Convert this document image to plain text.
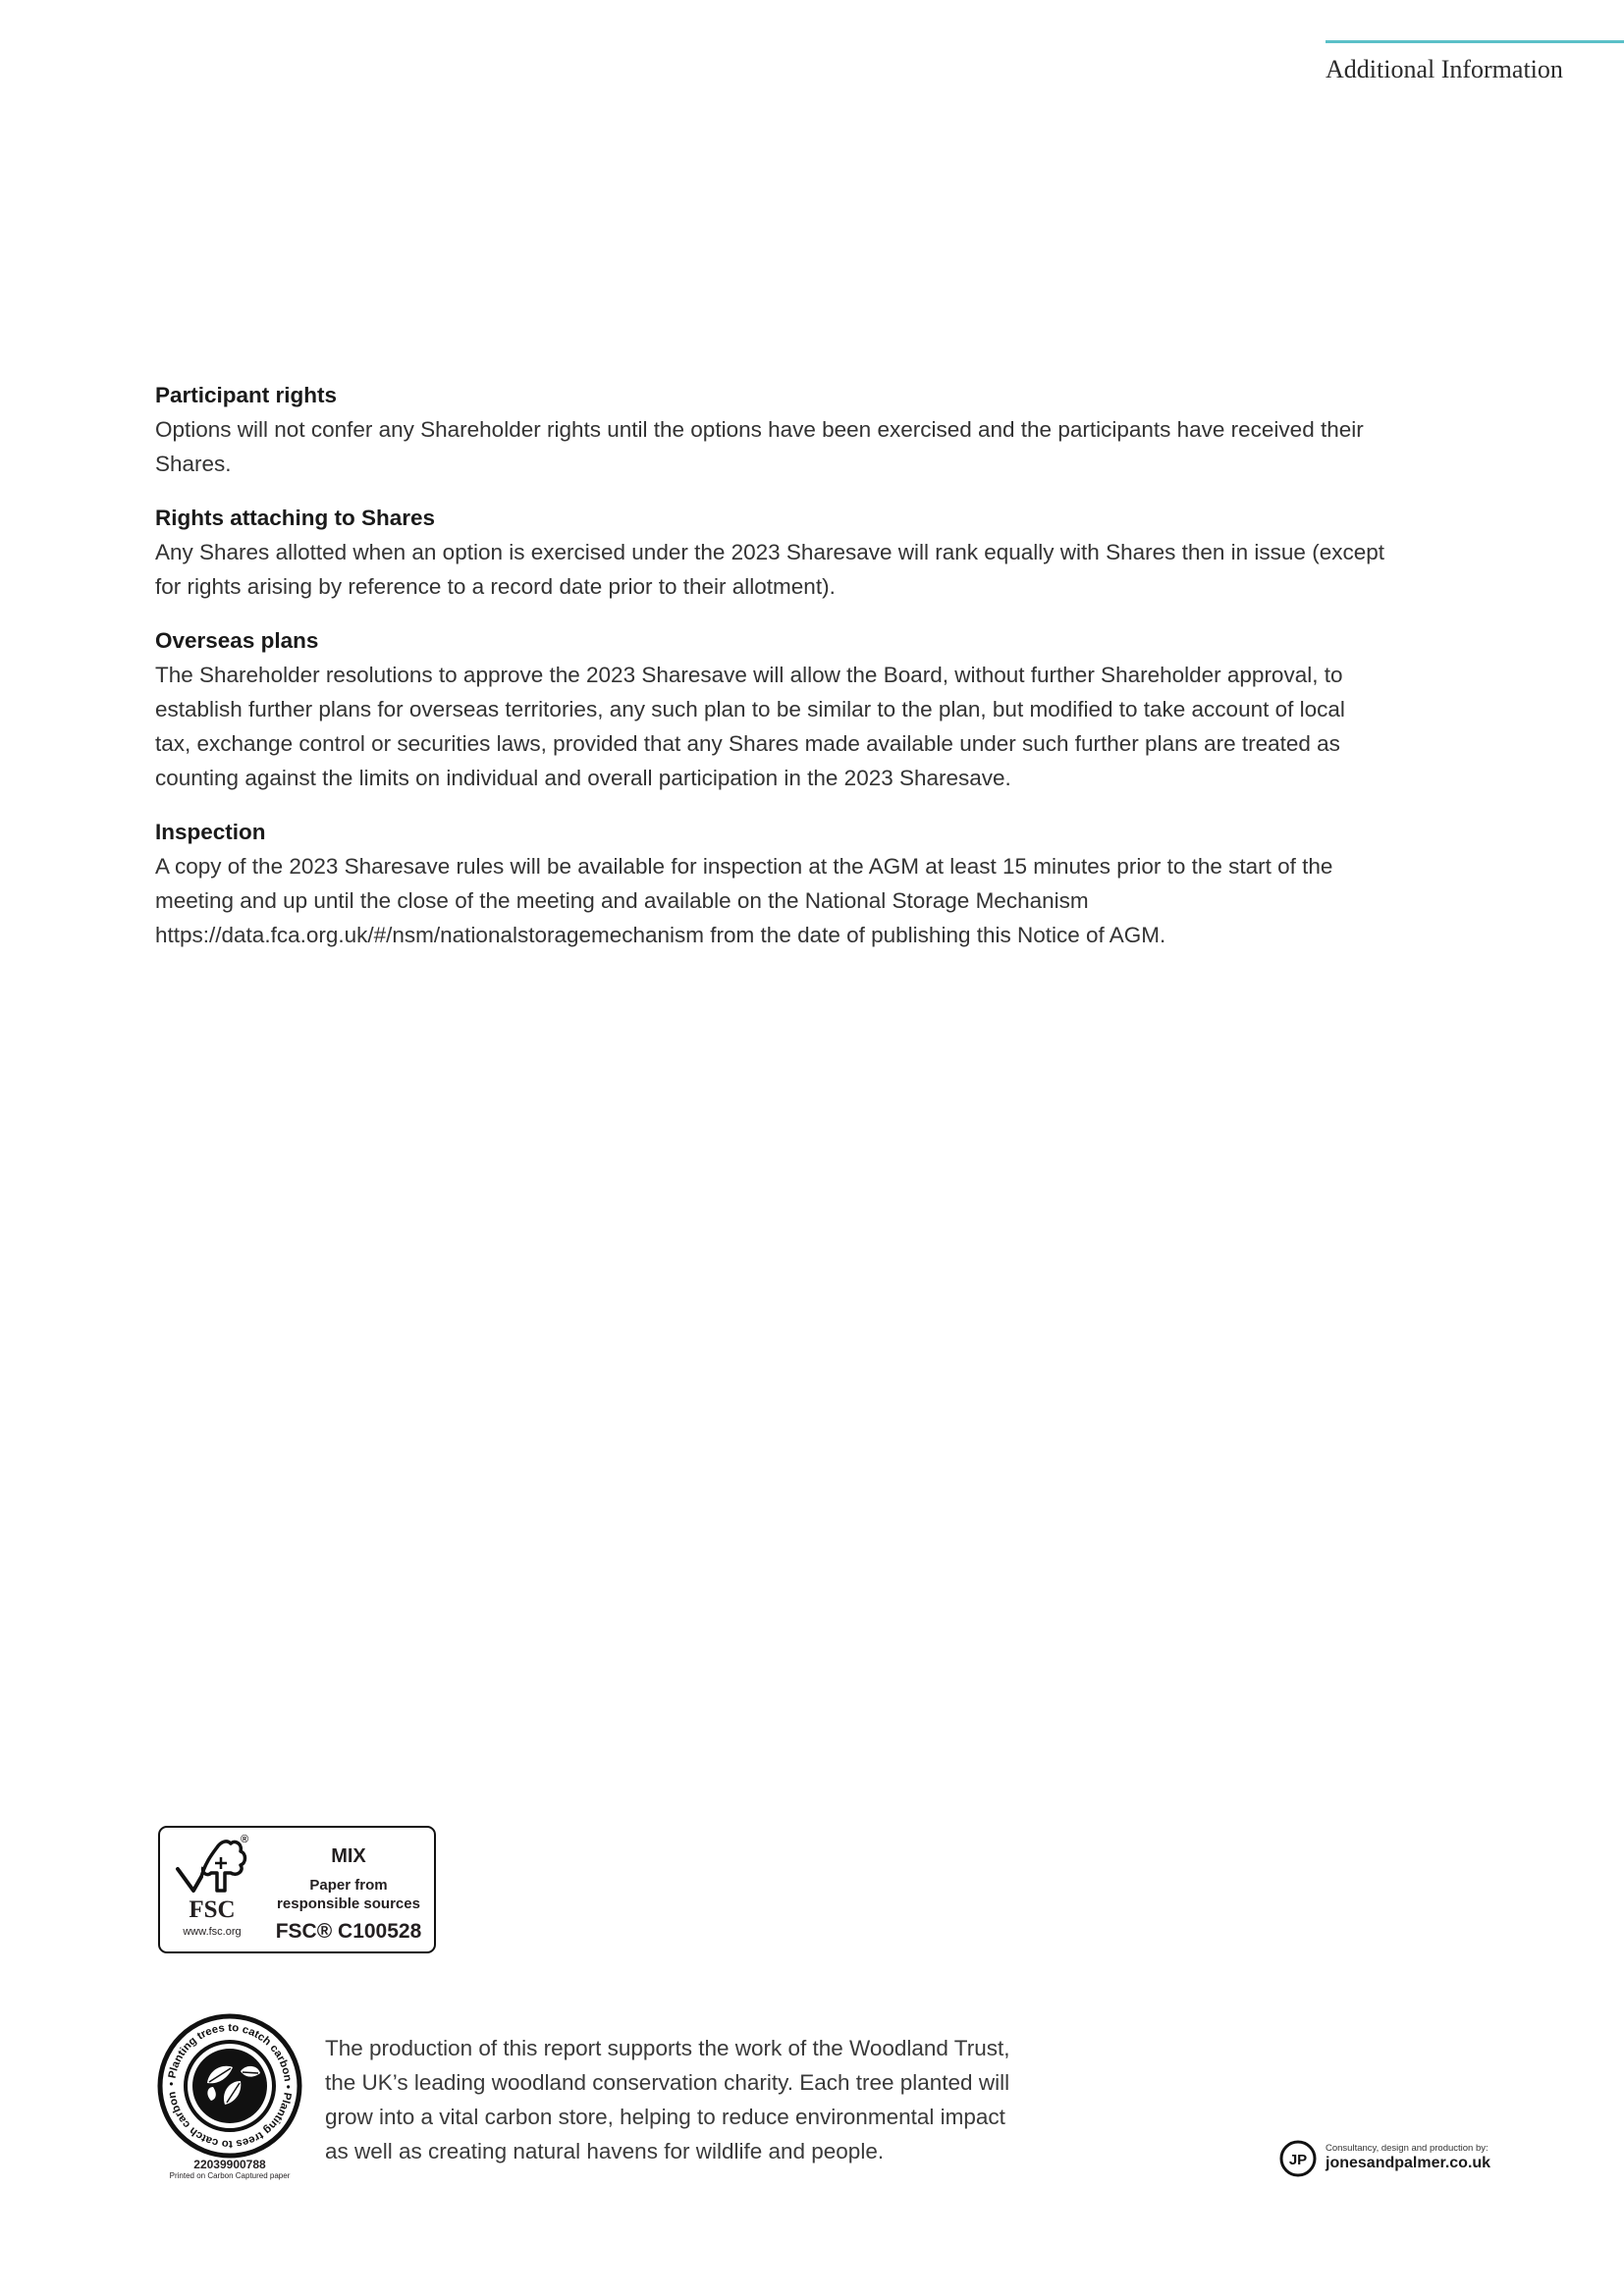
Additional Information
Participant rights
Options will not confer any Shareholder rights until the options have been exercised and the participants have received their
Shares.
Rights attaching to Shares
Any Shares allotted when an option is exercised under the 2023 Sharesave will rank equally with Shares then in issue (except
for rights arising by reference to a record date prior to their allotment).
Overseas plans
The Shareholder resolutions to approve the 2023 Sharesave will allow the Board, without further Shareholder approval, to
establish further plans for overseas territories, any such plan to be similar to the plan, but modified to take account of local
tax, exchange control or securities laws, provided that any Shares made available under such further plans are treated as
counting against the limits on individual and overall participation in the 2023 Sharesave.
Inspection
A copy of the 2023 Sharesave rules will be available for inspection at the AGM at least 15 minutes prior to the start of the
meeting and up until the close of the meeting and available on the National Storage Mechanism
https://data.fca.org.uk/#/nsm/nationalstoragemechanism from the date of publishing this Notice of AGM.
®
FSC
www.fsc.org
MIX
Paper from
responsible sources
FSC® C100528
• Planting trees to catch carbon • Planting trees to catch carbon
22039900788
Printed on Carbon Captured paper
The production of this report supports the work of the Woodland Trust,
the UK’s leading woodland conservation charity. Each tree planted will
grow into a vital carbon store, helping to reduce environmental impact
as well as creating natural havens for wildlife and people.	JP
Consultancy, design and production by:
jonesandpalmer.co.uk
